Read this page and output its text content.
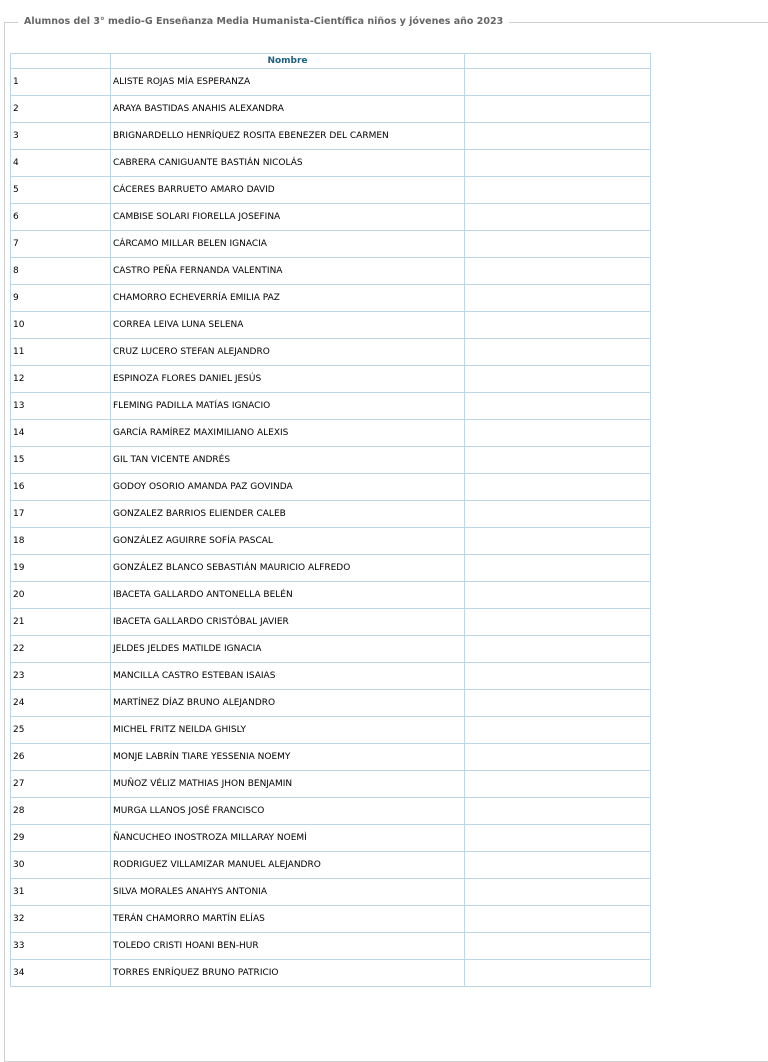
Alumnos del 3° medio-G Enseñanza Media Humanista-Científica niños y jóvenes año 2023
	Nombre	
1	ALISTE ROJAS MÍA ESPERANZA	
2	ARAYA BASTIDAS ANAHIS ALEXANDRA	
3	BRIGNARDELLO HENRÍQUEZ ROSITA EBENEZER DEL CARMEN	
4	CABRERA CANIGUANTE BASTIÁN NICOLÁS	
5	CÁCERES BARRUETO AMARO DAVID	
6	CAMBISE SOLARI FIORELLA JOSEFINA	
7	CÁRCAMO MILLAR BELEN IGNACIA	
8	CASTRO PEÑA FERNANDA VALENTINA	
9	CHAMORRO ECHEVERRÍA EMILIA PAZ	
10	CORREA LEIVA LUNA SELENA	
11	CRUZ LUCERO STEFAN ALEJANDRO	
12	ESPINOZA FLORES DANIEL JESÚS	
13	FLEMING PADILLA MATÍAS IGNACIO	
14	GARCÍA RAMÍREZ MAXIMILIANO ALEXIS	
15	GIL TAN VICENTE ANDRÉS	
16	GODOY OSORIO AMANDA PAZ GOVINDA	
17	GONZALEZ BARRIOS ELIENDER CALEB	
18	GONZÁLEZ AGUIRRE SOFÍA PASCAL	
19	GONZÁLEZ BLANCO SEBASTIÁN MAURICIO ALFREDO	
20	IBACETA GALLARDO ANTONELLA BELÉN	
21	IBACETA GALLARDO CRISTÓBAL JAVIER	
22	JELDES JELDES MATILDE IGNACIA	
23	MANCILLA CASTRO ESTEBAN ISAIAS	
24	MARTÍNEZ DÍAZ BRUNO ALEJANDRO	
25	MICHEL FRITZ NEILDA GHISLY	
26	MONJE LABRÍN TIARE YESSENIA NOEMY	
27	MUÑOZ VÉLIZ MATHIAS JHON BENJAMIN	
28	MURGA LLANOS JOSÉ FRANCISCO	
29	ÑANCUCHEO INOSTROZA MILLARAY NOEMÌ	
30	RODRIGUEZ VILLAMIZAR MANUEL ALEJANDRO	
31	SILVA MORALES ANAHYS ANTONIA	
32	TERÁN CHAMORRO MARTÍN ELÍAS	
33	TOLEDO CRISTI HOANI BEN-HUR	
34	TORRES ENRÍQUEZ BRUNO PATRICIO	
